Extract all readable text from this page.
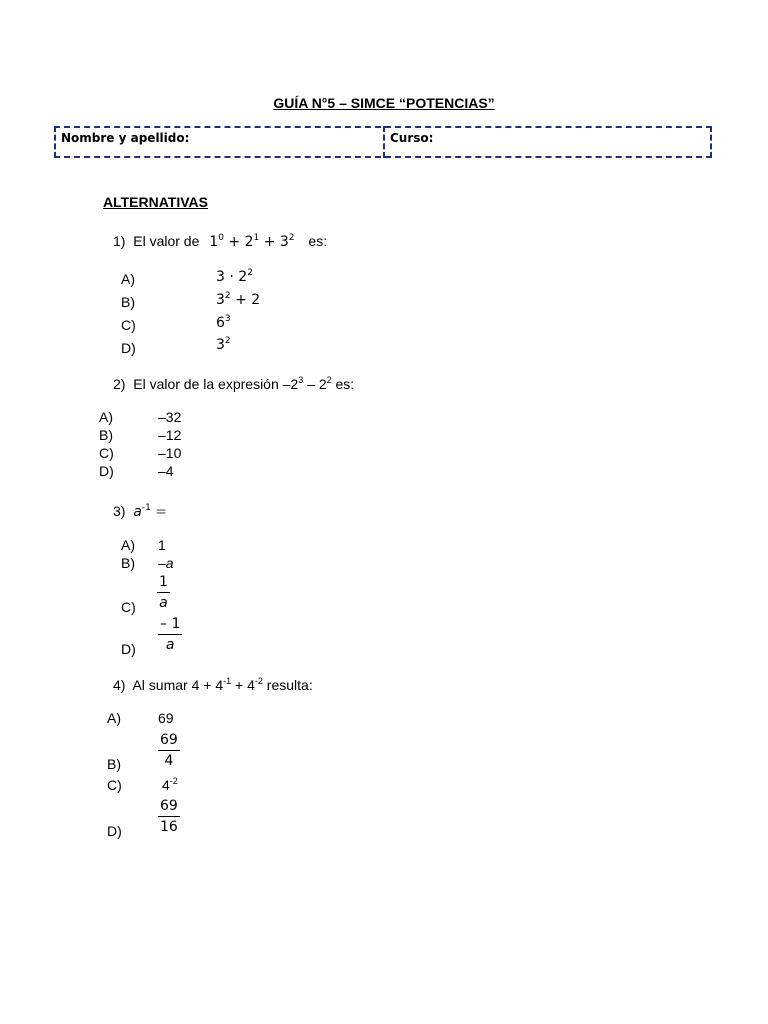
GUÍA N°5 – SIMCE “POTENCIAS”
Nombre y apellido:	Curso:
ALTERNATIVAS
1) El valor de $1^0 + 2^1 + 3^2$ es:
A)
B)
C)
D)
$3 \cdot 2^2$
$3^2 + 2$
$6^3$
$3^2$
2) El valor de la expresión $-2^3 - 2^2$ es:
A)
B)
C)
D)
–32
–12
–10
–4
3) $a^{-1}$ =
A)
B)
C)
D)
1
–a
$\frac{1}{a}$
$\frac{- 1}{a}$
4) Al sumar $4 + 4^{-1} + 4^{-2}$ resulta:
A)
B)
C)
D)
69
$\frac{69}{4}$
$4^{-2}$
$\frac{69}{16}$
